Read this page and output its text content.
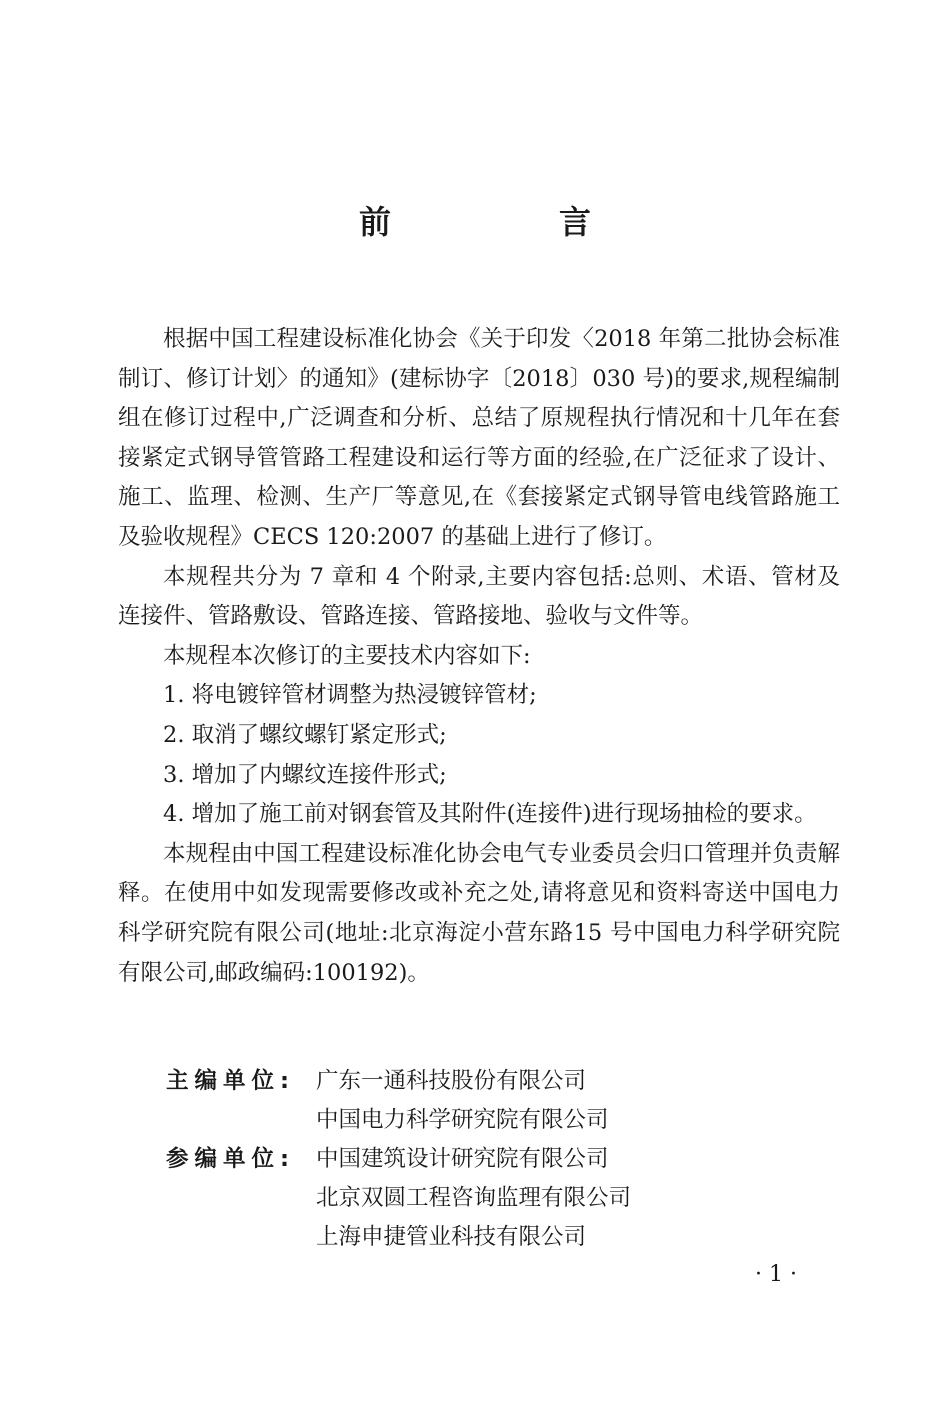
前　言

根据中国工程建设标准化协会《关于印发〈2018 年第二批协会标准制订、修订计划〉的通知》(建标协字〔2018〕030 号)的要求,规程编制组在修订过程中,广泛调查和分析、总结了原规程执行情况和十几年在套接紧定式钢导管管路工程建设和运行等方面的经验,在广泛征求了设计、施工、监理、检测、生产厂等意见,在《套接紧定式钢导管电线管路施工及验收规程》CECS 120:2007 的基础上进行了修订。

本规程共分为 7 章和 4 个附录,主要内容包括:总则、术语、管材及连接件、管路敷设、管路连接、管路接地、验收与文件等。

本规程本次修订的主要技术内容如下:

1. 将电镀锌管材调整为热浸镀锌管材;

2. 取消了螺纹螺钉紧定形式;

3. 增加了内螺纹连接件形式;

4. 增加了施工前对钢套管及其附件(连接件)进行现场抽检的要求。

本规程由中国工程建设标准化协会电气专业委员会归口管理并负责解释。在使用中如发现需要修改或补充之处,请将意见和资料寄送中国电力科学研究院有限公司(地址:北京海淀小营东路15 号中国电力科学研究院有限公司,邮政编码:100192)。

主编单位: 广东一通科技股份有限公司
中国电力科学研究院有限公司
参编单位: 中国建筑设计研究院有限公司
北京双圆工程咨询监理有限公司
上海申捷管业科技有限公司
· 1 ·
